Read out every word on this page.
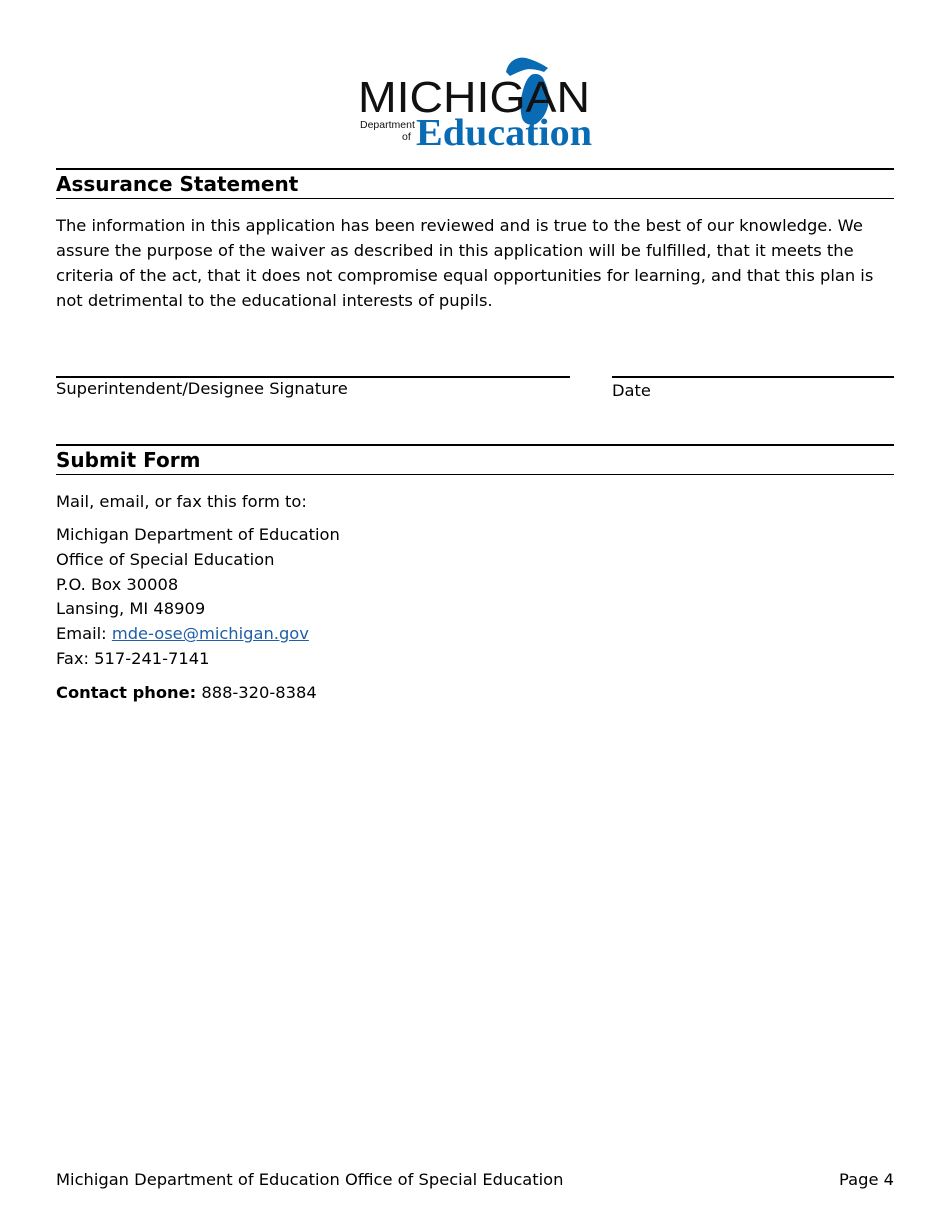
MICHIGAN
Department
of Education
Assurance Statement

The information in this application has been reviewed and is true to the best of our knowledge. We assure the purpose of the waiver as described in this application will be fulfilled, that it meets the criteria of the act, that it does not compromise equal opportunities for learning, and that this plan is not detrimental to the educational interests of pupils.

Superintendent/Designee Signature	Date
Submit Form

Mail, email, or fax this form to:

Michigan Department of Education
Office of Special Education
P.O. Box 30008
Lansing, MI 48909
Email: mde-ose@michigan.gov
Fax: 517-241-7141
Contact phone: 888-320-8384
Michigan Department of Education Office of Special Education	Page 4
